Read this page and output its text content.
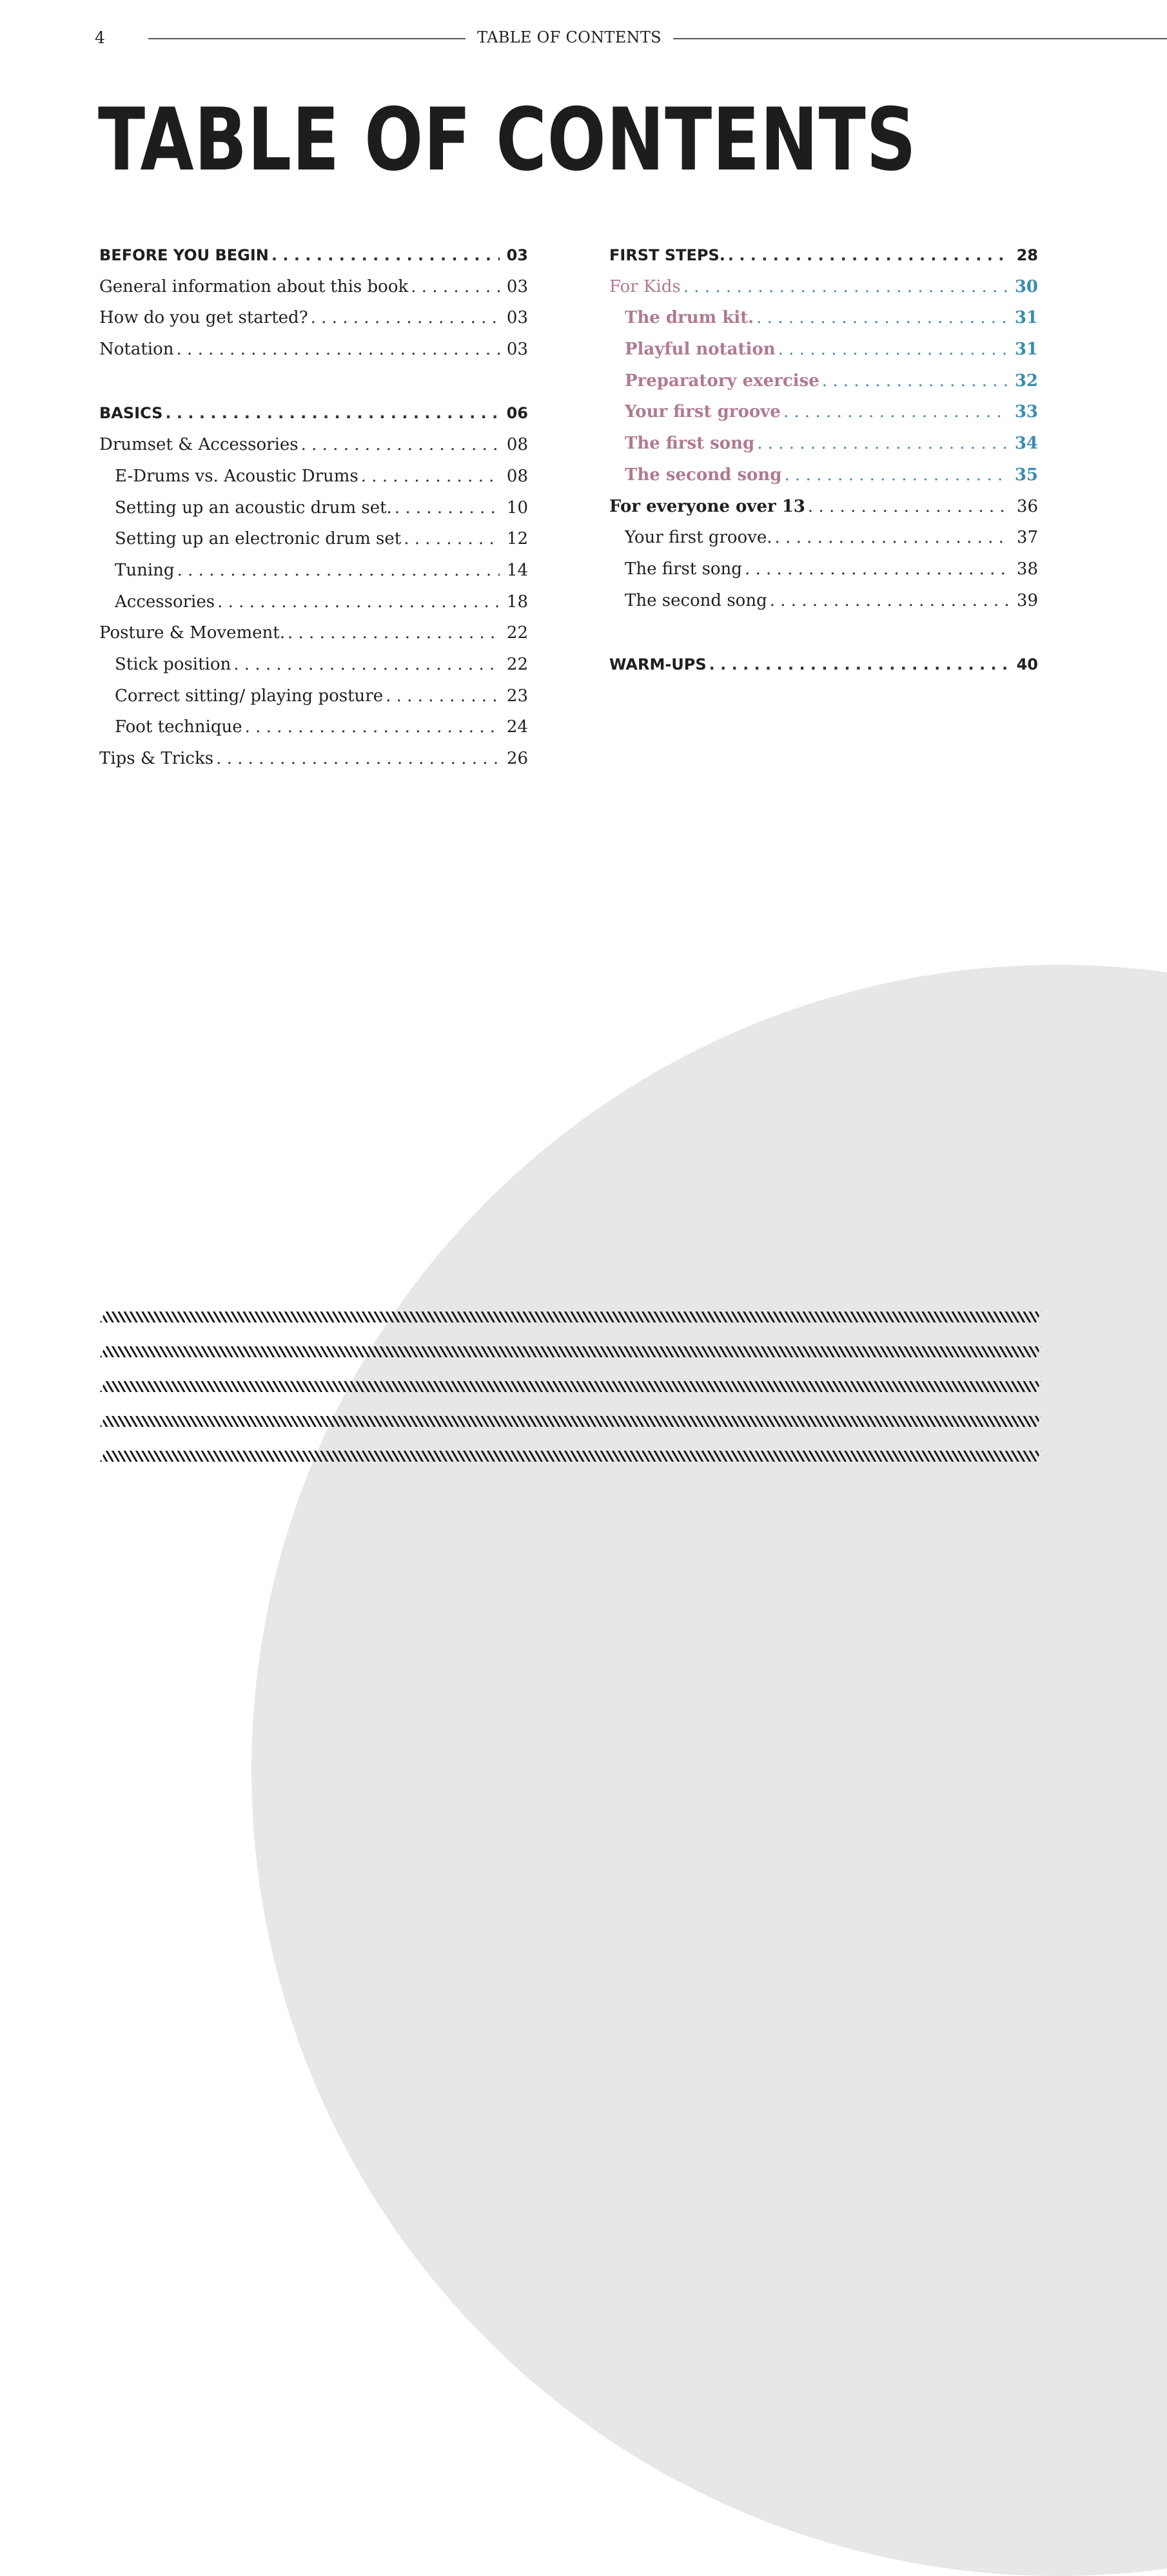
4	TABLE OF CONTENTS
TABLE OF CONTENTS
BEFORE YOU BEGIN . . .	03
General information about this book . . .	03
How do you get started? . . .	03
Notation . . .	03
BASICS . . .	06
Drumset & Accessories . . .	08
E-Drums vs. Acoustic Drums . . .	08
Setting up an acoustic drum set. . . .	10
Setting up an electronic drum set . . .	12
Tuning . . .	14
Accessories . . .	18
Posture & Movement. . . .	22
Stick position . . .	22
Correct sitting/ playing posture . . .	23
Foot technique . . .	24
Tips & Tricks . . .	26
FIRST STEPS. . . .	28
For Kids . . .	30
The drum kit. . . .	31
Playful notation . . .	31
Preparatory exercise . . .	32
Your first groove . . .	33
The first song . . .	34
The second song . . .	35
For everyone over 13 . . .	36
Your first groove. . . .	37
The first song . . .	38
The second song . . .	39
WARM-UPS . . .	40
